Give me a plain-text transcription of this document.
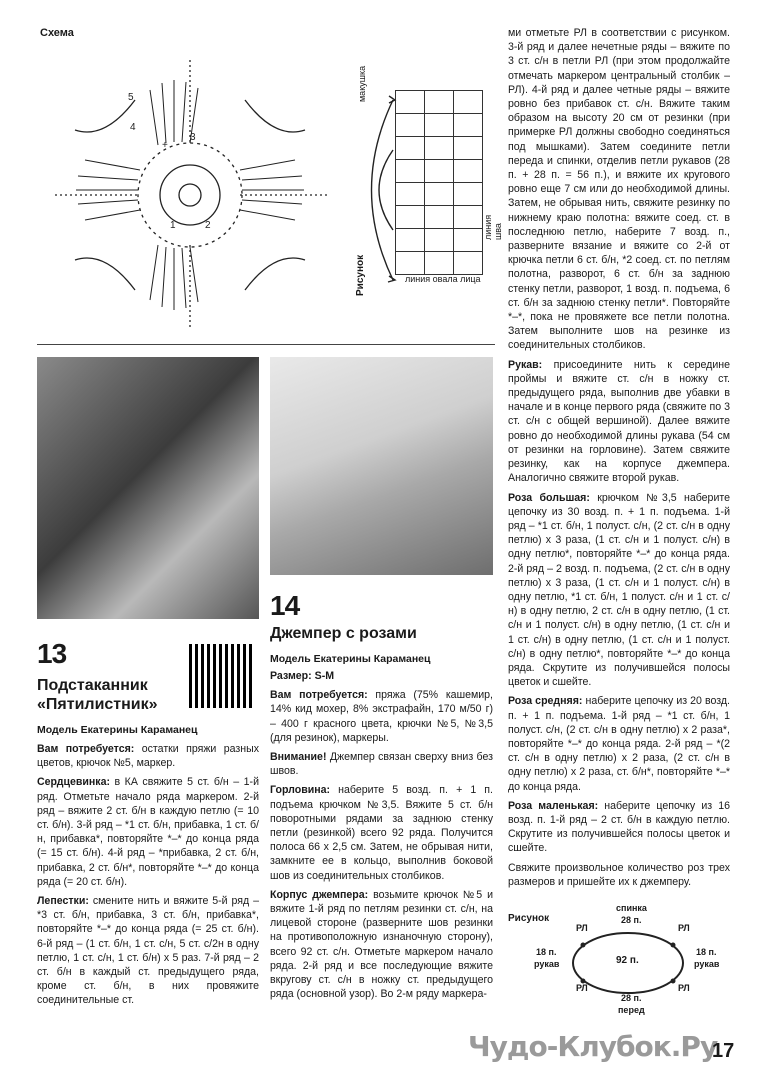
Схема
3
+
5
4
1	2

макушка
линия шва
линия овала лица
Рисунок

ми отметьте РЛ в соответствии с рисунком. 3-й ряд и далее нечетные ряды – вяжите по 3 ст. с/н в петли РЛ (при этом продолжайте отмечать маркером центральный столбик – РЛ). 4-й ряд и далее четные ряды – вяжите ровно без прибавок ст. с/н. Вяжите таким образом на высоту 20 см от резинки (при примерке РЛ должны свободно соединяться под мышками). Затем соедините петли переда и спинки, отделив петли рукавов (28 п. + 28 п. = 56 п.), и вяжите их кругового ровно еще 7 см или до необходимой длины. Затем, не обрывая нить, свяжите резинку по нижнему краю полотна: вяжите соед. ст. в последнюю петлю, наберите 7 возд. п., развернитe вязание и вяжите со 2-й от крючка петли 6 ст. б/н, *2 соед. ст. по петлям полотна, разворот, 6 ст. б/н за заднюю стенку петли, разворот, 1 возд. п. подъема, 6 ст. б/н за заднюю стенку петли*. Повторяйте *–*, пока не провяжете все петли полотна. Затем выполните шов на резинке из соединительных столбиков.

Рукав: присоедините нить к середине проймы и вяжите ст. с/н в ножку ст. предыдущего ряда, выполнив две убавки в начале и в конце первого ряда (свяжите по 3 ст. с/н с общей вершиной). Далее вяжите ровно до необходимой длины рукава (54 см от резинки на горловине). Затем свяжите резинку, как на корпусе джемпера. Аналогично свяжите второй рукав.

Роза большая: крючком №3,5 наберите цепочку из 30 возд. п. + 1 п. подъема. 1-й ряд – *1 ст. б/н, 1 полуст. с/н, (2 ст. с/н в одну петлю) х 3 раза, (1 ст. с/н и 1 полуст. с/н) в одну петлю*, повторяйте *–* до конца ряда. 2-й ряд – 2 возд. п. подъема, (2 ст. с/н в одну петлю) х 3 раза, (1 ст. с/н и 1 полуст. с/н) в одну петлю, *1 ст. б/н, 1 полуст. с/н и 1 ст. с/н) в одну петлю, 2 ст. с/н в одну петлю, (1 ст. с/н и 1 полуст. с/н) в одну петлю, (1 ст. с/н и 1 ст. с/н) в одну петлю, (1 ст. с/н и 1 полуст. с/н) в одну петлю*, повторяйте *–* до конца ряда. Скрутите из получившейся полосы цветок и сшейте.

Роза средняя: наберите цепочку из 20 возд. п. + 1 п. подъема. 1-й ряд – *1 ст. б/н, 1 полуст. с/н, (2 ст. с/н в одну петлю) х 2 раза*, повторяйте *–* до конца ряда. 2-й ряд – *(2 ст. с/н в одну петлю) х 2 раза, (2 ст. с/н в одну петлю) х 2 раза, ст. б/н*, повторяйте *–* до конца ряда.

Роза маленькая: наберите цепочку из 16 возд. п. 1-й ряд – 2 ст. б/н в каждую петлю. Скрутите из получившейся полосы цветок и сшейте.

Свяжите произвольное количество роз трех размеров и пришейте их к джемперу.

Рисунок
спинка
28 п.
92 п.
18 п.
рукав
18 п.
рукав
28 п.
перед
РЛ	РЛ
РЛ	РЛ
13
Подстаканник «Пятилистник»
Модель Екатерины Караманец

Вам потребуется: остатки пряжи разных цветов, крючок №5, маркер.

Сердцевинка: в КА свяжите 5 ст. б/н – 1-й ряд. Отметьте начало ряда маркером. 2-й ряд – вяжите 2 ст. б/н в каждую петлю (= 10 ст. б/н). 3-й ряд – *1 ст. б/н, прибавка, 1 ст. б/н, прибавка*, повторяйте *–* до конца ряда (= 15 ст. б/н). 4-й ряд – *прибавка, 2 ст. б/н, прибавка, 2 ст. б/н*, повторяйте *–* до конца ряда (= 20 ст. б/н).

Лепестки: смените нить и вяжите 5-й ряд – *3 ст. б/н, прибавка, 3 ст. б/н, прибавка*, повторяйте *–* до конца ряда (= 25 ст. б/н). 6-й ряд – (1 ст. б/н, 1 ст. с/н, 5 ст. с/2н в одну петлю, 1 ст. с/н, 1 ст. б/н) х 5 раз. 7-й ряд – 2 ст. б/н в каждый ст. предыдущего ряда, кроме ст. б/н, в них провяжите соединительные ст.

14
Джемпер с розами
Модель Екатерины Караманец

Размер: S-M

Вам потребуется: пряжа (75% кашемир, 14% кид мохер, 8% экстрафайн, 170 м/50 г) – 400 г красного цвета, крючки №5, №3,5 (для резинок), маркеры.

Внимание! Джемпер связан сверху вниз без швов.

Горловина: наберите 5 возд. п. + 1 п. подъема крючком №3,5. Вяжите 5 ст. б/н поворотными рядами за заднюю стенку петли (резинкой) всего 92 ряда. Получится полоса 66 х 2,5 см. Затем, не обрывая нити, замкните ее в кольцо, выполнив боковой шов из соединительных столбиков.

Корпус джемпера: возьмите крючок №5 и вяжите 1-й ряд по петлям резинки ст. с/н, на лицевой стороне (разверните шов резинки на противоположную изнаночную сторону), всего 92 ст. с/н. Отметьте маркером начало ряда. 2-й ряд и все последующие вяжите вкругову ст. с/н в ножку ст. предыдущего ряда (основной узор). Во 2-м ряду маркера-

Чудо-Клубок.Ру
17
